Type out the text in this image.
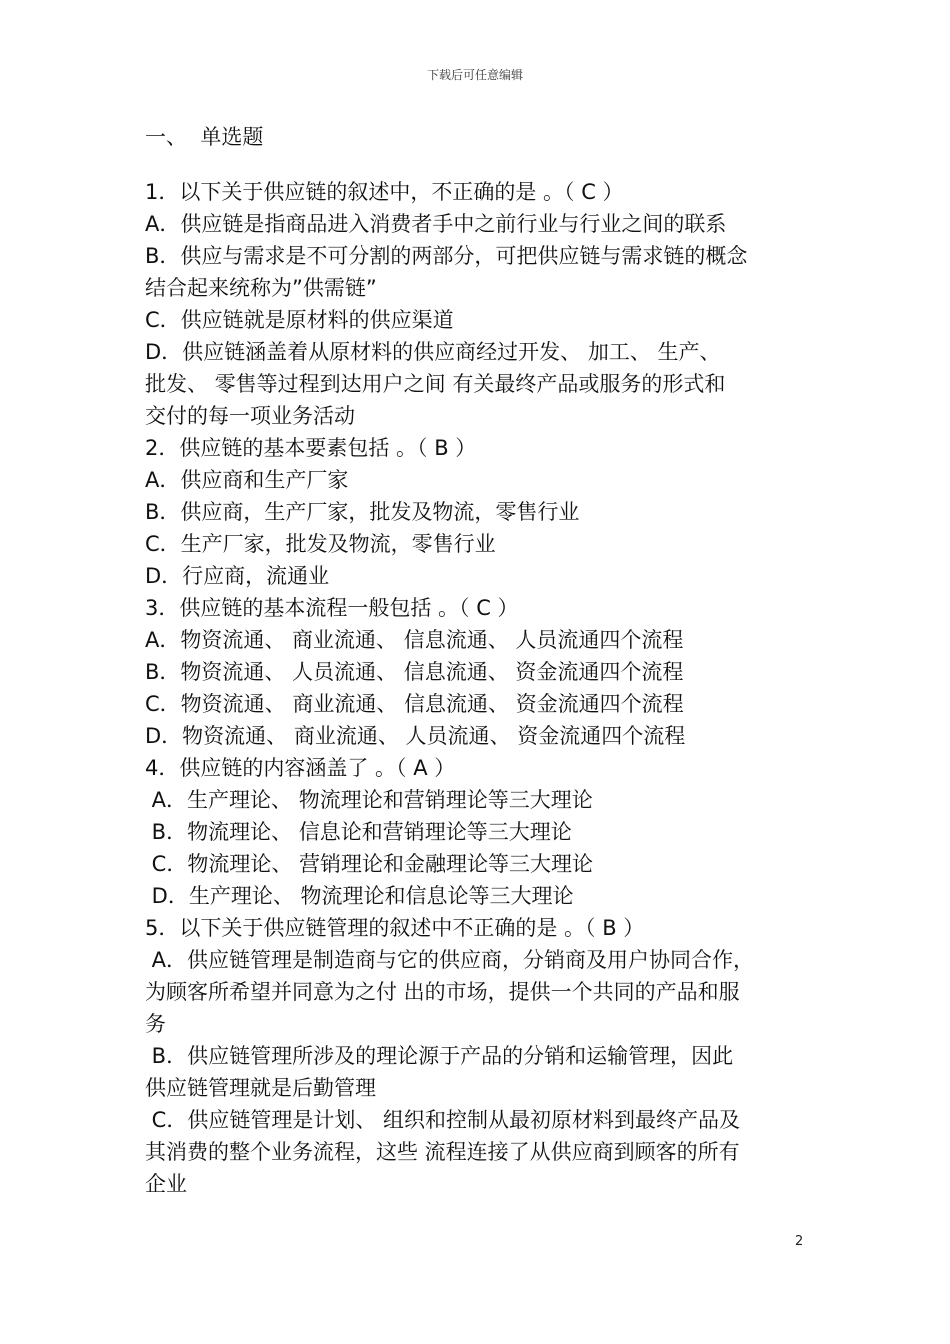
下载后可任意编辑
一、  单选题
1．以下关于供应链的叙述中，不正确的是 。（ C ）
A．供应链是指商品进入消费者手中之前行业与行业之间的联系
B．供应与需求是不可分割的两部分，可把供应链与需求链的概念
结合起来统称为”供需链”
C．供应链就是原材料的供应渠道
D．供应链涵盖着从原材料的供应商经过开发、 加工、 生产、
批发、 零售等过程到达用户之间 有关最终产品或服务的形式和
交付的每一项业务活动
2．供应链的基本要素包括 。（ B ）
A．供应商和生产厂家
B．供应商，生产厂家，批发及物流，零售行业
C．生产厂家，批发及物流，零售行业
D．行应商，流通业
3．供应链的基本流程一般包括 。（ C ）
A．物资流通、 商业流通、 信息流通、 人员流通四个流程
B．物资流通、 人员流通、 信息流通、 资金流通四个流程
C．物资流通、 商业流通、 信息流通、 资金流通四个流程
D．物资流通、 商业流通、 人员流通、 资金流通四个流程
4．供应链的内容涵盖了 。（ A ）
A．生产理论、 物流理论和营销理论等三大理论
B．物流理论、 信息论和营销理论等三大理论
C．物流理论、 营销理论和金融理论等三大理论
D．生产理论、 物流理论和信息论等三大理论
5．以下关于供应链管理的叙述中不正确的是 。（ B ）
A．供应链管理是制造商与它的供应商，分销商及用户协同合作，
为顾客所希望并同意为之付 出的市场，提供一个共同的产品和服
务
B．供应链管理所涉及的理论源于产品的分销和运输管理，因此
供应链管理就是后勤管理
C．供应链管理是计划、 组织和控制从最初原材料到最终产品及
其消费的整个业务流程，这些 流程连接了从供应商到顾客的所有
企业
2
